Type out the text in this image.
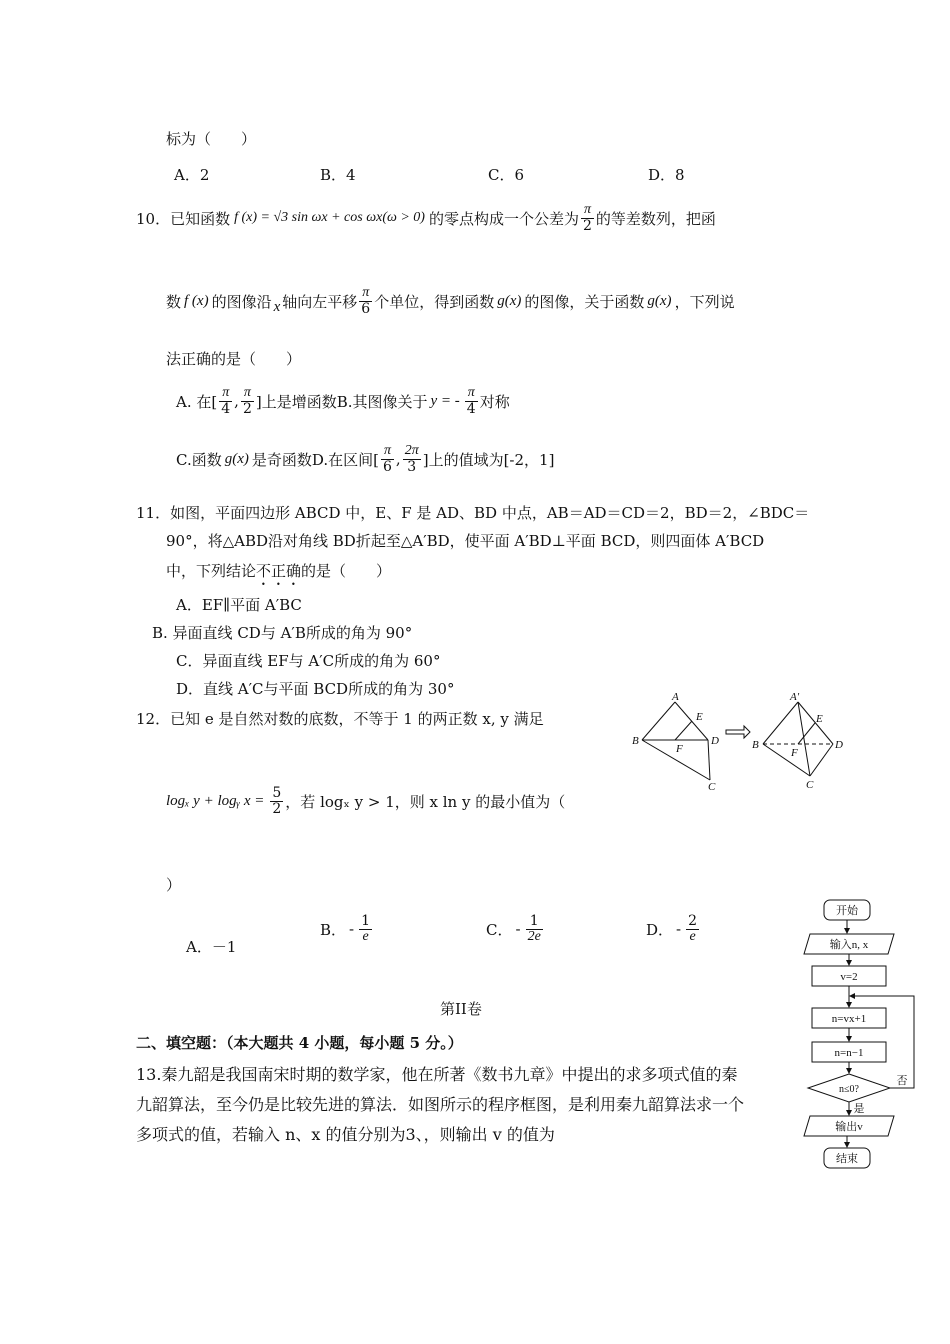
标为（　　）
A．2	B．4	C．6	D．8
10． 已知函数 f (x) = √3 sin ωx + cos ωx(ω > 0) 的零点构成一个公差为 $\frac{\pi}{2}$ 的等差数列，把函
数 f (x) 的图像沿 x 轴向左平移 $\frac{\pi}{6}$ 个单位，得到函数 g(x) 的图像，关于函数 g(x) ，下列说
法正确的是（　　）
A. 在[ $\frac{\pi}{4}$ , $\frac{\pi}{2}$ ]上是增函数B.其图像关于 y = - $\frac{\pi}{4}$ 对称
C.函数 g(x) 是奇函数D.在区间[ $\frac{\pi}{6}$ , $\frac{2\pi}{3}$ ]上的值域为[-2，1]
11．如图，平面四边形 ABCD 中，E、F 是 AD、BD 中点，AB＝AD＝CD＝2，BD＝2，∠BDC＝
90°，将△ABD沿对角线 BD折起至△A′BD，使平面 A′BD⊥平面 BCD，则四面体 A′BCD
中，下列结论不正确的是（　　）
A．EF∥平面 A′BC
B. 异面直线 CD与 A′B所成的角为 90°
C．异面直线 EF与 A′C所成的角为 60°
D．直线 A′C与平面 BCD所成的角为 30°	A
E
B
F
D
C
A′
E
B
F
D
C
12．已知 e 是自然对数的底数，不等于 1 的两正数 x, y 满足
logₓ y + logᵧ $x = \frac{5}{2}$ ，若 logₓ y > 1，则 x ln y 的最小值为（
）
A．－1
B． - $\frac{1}{e}$	C． - $\frac{1}{2e}$	D． - $\frac{2}{e}$
第II卷
二、填空题：（本大题共 4 小题，每小题 5 分。）
13.秦九韶是我国南宋时期的数学家，他在所著《数书九章》中提出的求多项式值的秦
九韶算法，至今仍是比较先进的算法．如图所示的程序框图，是利用秦九韶算法求一个
多项式的值，若输入 n、x 的值分别为3、，则输出 v 的值为
开始
输入n, x
v=2
n=vx+1
n=n−1
n≤0?
是
否
输出v
结束
